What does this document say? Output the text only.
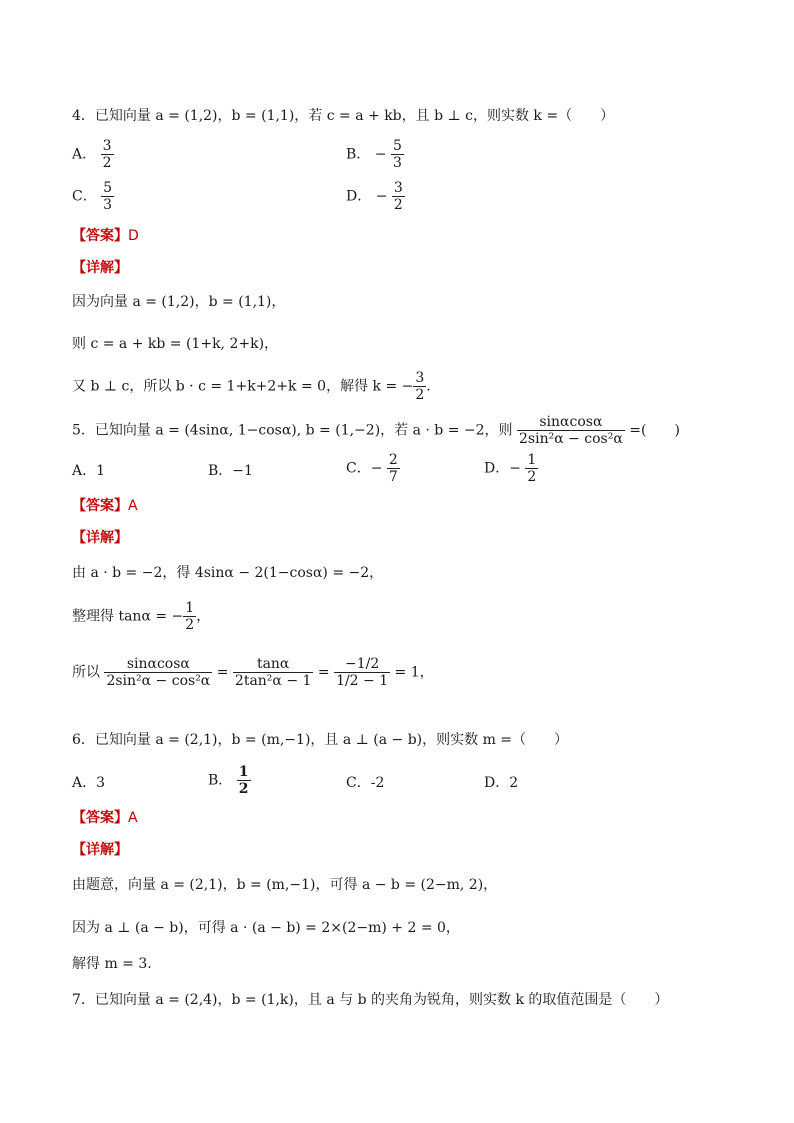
4．已知向量 a = (1,2)，b = (1,1)，若 c = a + kb，且 b ⊥ c，则实数 k =（　　）
A． $\frac{3}{2}$	B． − $\frac{5}{3}$
C． $\frac{5}{3}$	D． − $\frac{3}{2}$
【答案】D
【详解】
因为向量 a = (1,2)，b = (1,1)，
则 c = a + kb = (1+k, 2+k)，
又 b ⊥ c，所以 b · c = 1+k+2+k = 0，解得 k = − $\frac{3}{2}$ .
5．已知向量 a = (4sinα, 1−cosα), b = (1,−2)，若 a · b = −2，则 $\frac{\sin\alpha\cos\alpha}{\text{2sin²α − cos²α}}$ =(　　)
A．1	B．−1	C．− $\frac{2}{7}$	D．− $\frac{1}{2}$
【答案】A
【详解】
由 a · b = −2，得 4sinα − 2(1−cosα) = −2，
整理得 tanα = − $\frac{1}{2}$ ，
所以 $\frac{\sin\alpha\cos\alpha}{\text{2sin²α − cos²α}} = \frac{\tan\alpha}{\text{2tan²α − 1}} = \frac{-1/2}{1/2 - 1} = 1$，
6．已知向量 a = (2,1)，b = (m,−1)，且 a ⊥ (a − b)，则实数 m =（　　）
A．3	B． $\frac{1}{2}$	C．-2	D．2
【答案】A
【详解】
由题意，向量 a = (2,1)，b = (m,−1)，可得 a − b = (2−m, 2)，
因为 a ⊥ (a − b)，可得 a · (a − b) = 2×(2−m) + 2 = 0，
解得 m = 3.
7．已知向量 a = (2,4)，b = (1,k)，且 a 与 b 的夹角为锐角，则实数 k 的取值范围是（　　）
